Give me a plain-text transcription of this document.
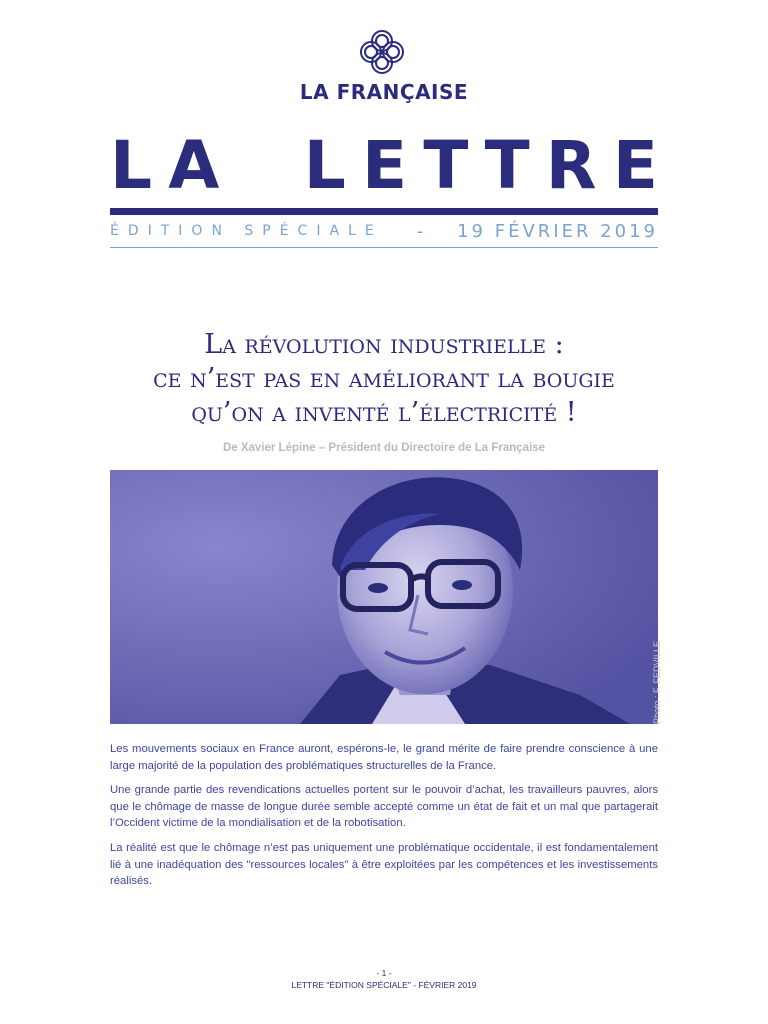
LA FRANÇAISE
L A L E T T R E
ÉDITION SPÉCIALE - 19 FÉVRIER 2019
La révolution industrielle :
ce n’est pas en améliorant la bougie
qu’on a inventé l’électricité !
De Xavier Lépine – Président du Directoire de La Française
Photo : F. FEDVILLE

Les mouvements sociaux en France auront, espérons-le, le grand mérite de faire prendre conscience à une large majorité de la population des problématiques structurelles de la France.

Une grande partie des revendications actuelles portent sur le pouvoir d’achat, les travailleurs pauvres, alors que le chômage de masse de longue durée semble accepté comme un état de fait et un mal que partagerait l’Occident victime de la mondialisation et de la robotisation.

La réalité est que le chômage n’est pas uniquement une problématique occidentale, il est fondamentalement lié à une inadéquation des "ressources locales" à être exploitées par les compétences et les investissements réalisés.

- 1 -
LETTRE "ÉDITION SPÉCIALE" - FÉVRIER 2019
